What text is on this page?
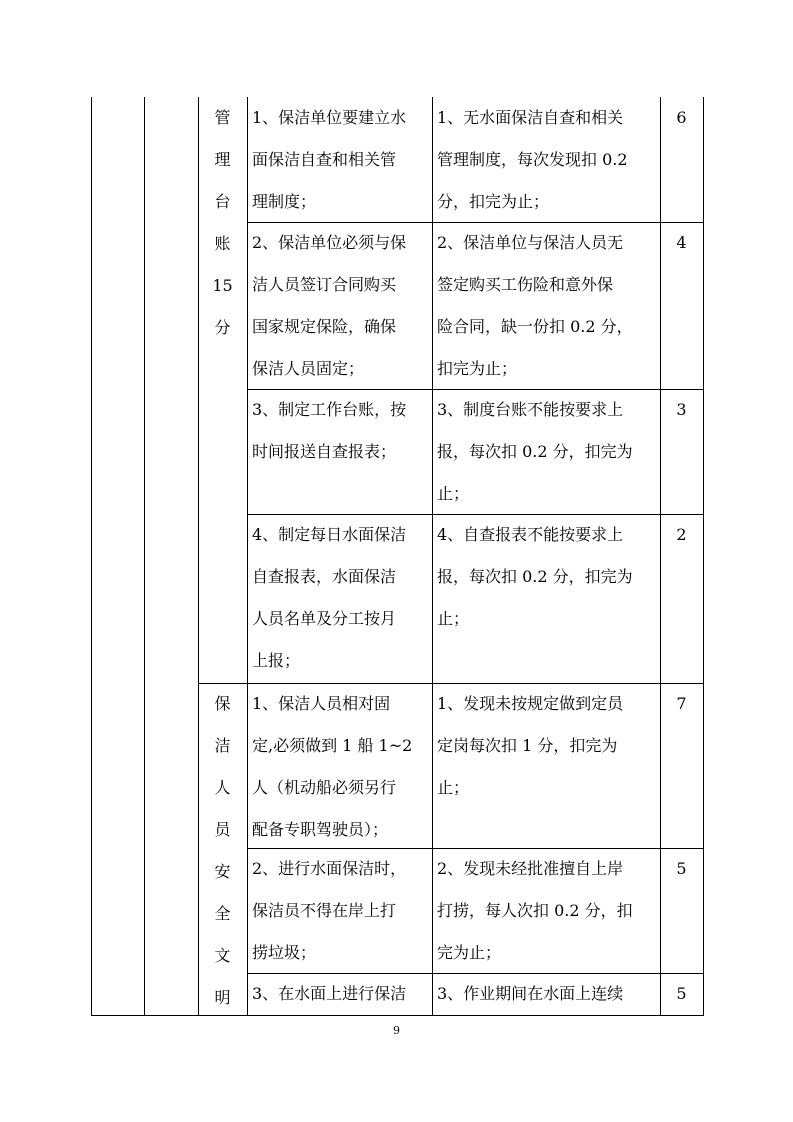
管
理
台
账
15
分
保
洁
人
员
安
全
文
明
1、保洁单位要建立水
面保洁自查和相关管
理制度；
1、无水面保洁自查和相关
管理制度，每次发现扣 0.2
分，扣完为止；
6
2、保洁单位必须与保
洁人员签订合同购买
国家规定保险，确保
保洁人员固定；
2、保洁单位与保洁人员无
签定购买工伤险和意外保
险合同，缺一份扣 0.2 分，
扣完为止；
4
3、制定工作台账，按
时间报送自查报表；
3、制度台账不能按要求上
报，每次扣 0.2 分，扣完为
止；
3
4、制定每日水面保洁
自查报表，水面保洁
人员名单及分工按月
上报；
4、自查报表不能按要求上
报，每次扣 0.2 分，扣完为
止；
2
1、保洁人员相对固
定,必须做到 1 船 1~2
人（机动船必须另行
配备专职驾驶员）；
1、发现未按规定做到定员
定岗每次扣 1 分，扣完为
止；
7
2、进行水面保洁时，
保洁员不得在岸上打
捞垃圾；
2、发现未经批准擅自上岸
打捞，每人次扣 0.2 分，扣
完为止；
5
3、在水面上进行保洁	3、作业期间在水面上连续	5
9
